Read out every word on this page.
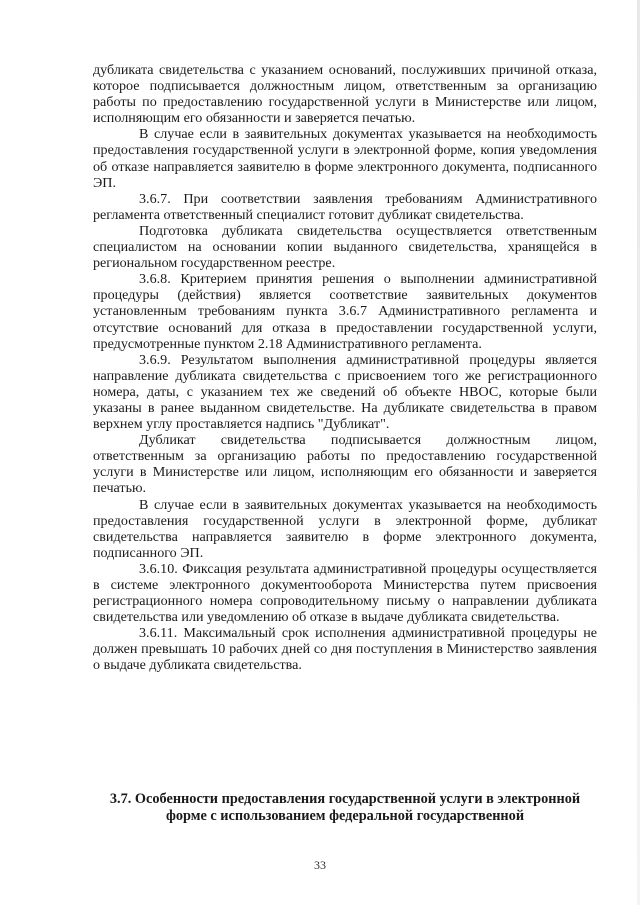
дубликата свидетельства с указанием оснований, послуживших причиной отказа, которое подписывается должностным лицом, ответственным за организацию работы по предоставлению государственной услуги в Министерстве или лицом, исполняющим его обязанности и заверяется печатью.

В случае если в заявительных документах указывается на необходимость предоставления государственной услуги в электронной форме, копия уведомления об отказе направляется заявителю в форме электронного документа, подписанного ЭП.

3.6.7. При соответствии заявления требованиям Административного регламента ответственный специалист готовит дубликат свидетельства.

Подготовка дубликата свидетельства осуществляется ответственным специалистом на основании копии выданного свидетельства, хранящейся в региональном государственном реестре.

3.6.8. Критерием принятия решения о выполнении административной процедуры (действия) является соответствие заявительных документов установленным требованиям пункта 3.6.7 Административного регламента и отсутствие оснований для отказа в предоставлении государственной услуги, предусмотренные пунктом 2.18 Административного регламента.

3.6.9. Результатом выполнения административной процедуры является направление дубликата свидетельства с присвоением того же регистрационного номера, даты, с указанием тех же сведений об объекте НВОС, которые были указаны в ранее выданном свидетельстве. На дубликате свидетельства в правом верхнем углу проставляется надпись "Дубликат".

Дубликат свидетельства подписывается должностным лицом, ответственным за организацию работы по предоставлению государственной услуги в Министерстве или лицом, исполняющим его обязанности и заверяется печатью.

В случае если в заявительных документах указывается на необходимость предоставления государственной услуги в электронной форме, дубликат свидетельства направляется заявителю в форме электронного документа, подписанного ЭП.

3.6.10. Фиксация результата административной процедуры осуществляется в системе электронного документооборота Министерства путем присвоения регистрационного номера сопроводительному письму о направлении дубликата свидетельства или уведомлению об отказе в выдаче дубликата свидетельства.

3.6.11. Максимальный срок исполнения административной процедуры не должен превышать 10 рабочих дней со дня поступления в Министерство заявления о выдаче дубликата свидетельства.

3.7. Особенности предоставления государственной услуги в электронной форме с использованием федеральной государственной
33
